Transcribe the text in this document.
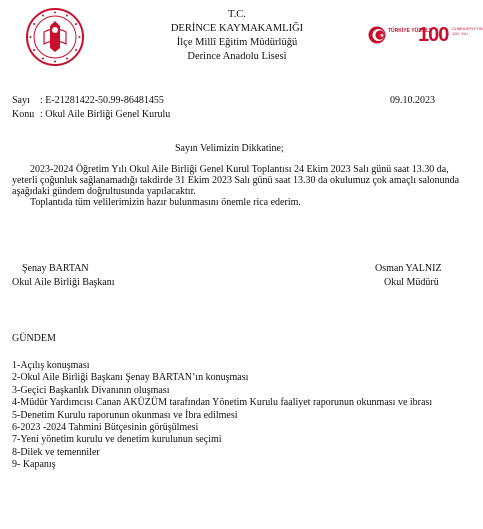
T.C.
DERİNCE KAYMAKAMLIĞI
İlçe Millî Eğitim Müdürlüğü
Derince Anadolu Lisesi
TÜRKİYE YÜZYILI
100 CUMHURİYETİN 100. YILI
Sayı : E-21281422-50.99-86481455	09.10.2023
Konu : Okul Aile Birliği Genel Kurulu
Sayın Velimizin Dikkatine;

2023-2024 Öğretim Yılı Okul Aile Birliği Genel Kurul Toplantısı 24 Ekim 2023 Salı günü saat 13.30 da, yeterli çoğunluk sağlanamadığı takdirde 31 Ekim 2023 Salı günü saat 13.30 da okulumuz çok amaçlı salonunda aşağıdaki gündem doğrultusunda yapılacaktır.

Toplantıda tüm velilerimizin hazır bulunmasını önemle rica ederim.

Şenay BARTAN
Okul Aile Birliği Başkanı
Osman YALNIZ
Okul Müdürü
GÜNDEM
1-Açılış konuşması
2-Okul Aile Birliği Başkanı Şenay BARTAN’ın konuşması
3-Geçici Başkanlık Divanının oluşması
4-Müdür Yardımcısı Canan AKÜZÜM tarafından Yönetim Kurulu faaliyet raporunun okunması ve ibrası
5-Denetim Kurulu raporunun okunması ve İbra edilmesi
6-2023 -2024 Tahmini Bütçesinin görüşülmesi
7-Yeni yönetim kurulu ve denetim kurulunun seçimi
8-Dilek ve temenniler
9- Kapanış
